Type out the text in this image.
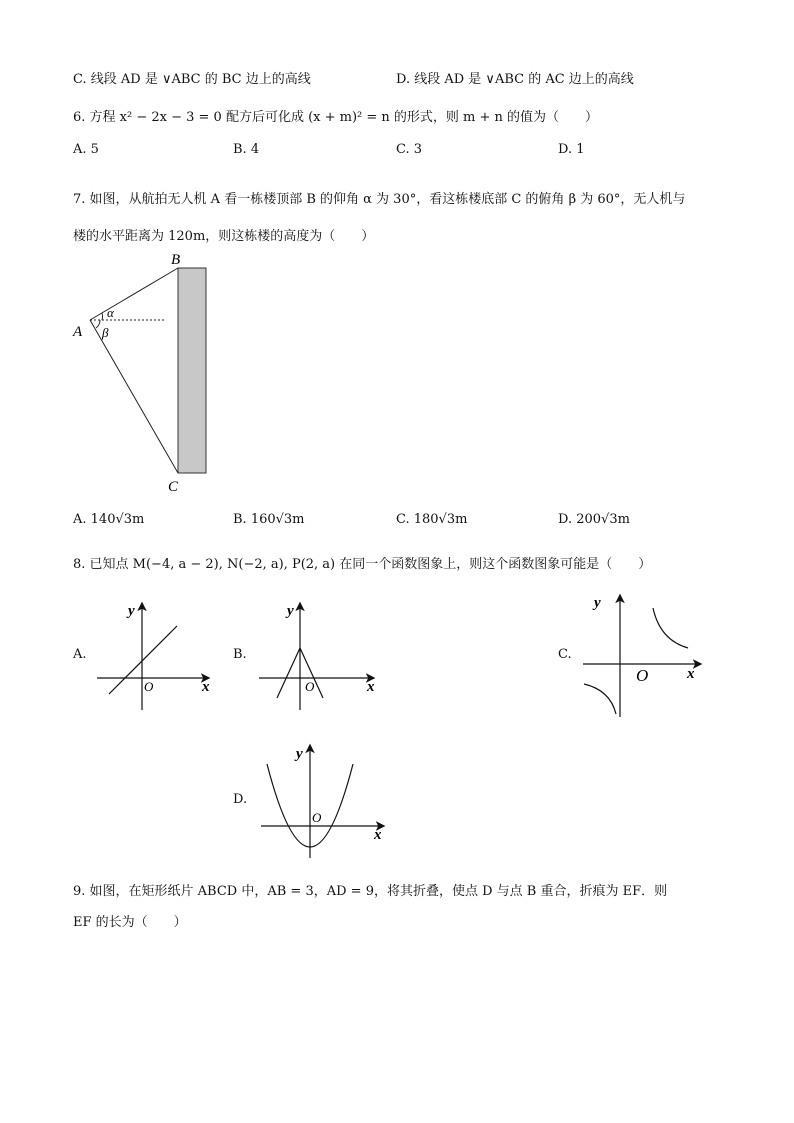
C. 线段 AD 是 ∨ABC 的 BC 边上的高线	D. 线段 AD 是 ∨ABC 的 AC 边上的高线
6. 方程 x² − 2x − 3 = 0 配方后可化成 (x + m)² = n 的形式，则 m + n 的值为（　　）
A. 5	B. 4	C. 3	D. 1
7. 如图，从航拍无人机 A 看一栋楼顶部 B 的仰角 α 为 30°，看这栋楼底部 C 的俯角 β 为 60°，无人机与
楼的水平距离为 120m，则这栋楼的高度为（　　）
B
A
C
α
β
A. 140√3m	B. 160√3m	C. 180√3m	D. 200√3m
8. 已知点 M(−4, a − 2), N(−2, a), P(2, a) 在同一个函数图象上，则这个函数图象可能是（　　）
A.
y
x
O
B.
y
x
O
C.
y
x
O
D.
y
x
O
9. 如图，在矩形纸片 ABCD 中，AB = 3，AD = 9，将其折叠，使点 D 与点 B 重合，折痕为 EF．则
EF 的长为（　　）
